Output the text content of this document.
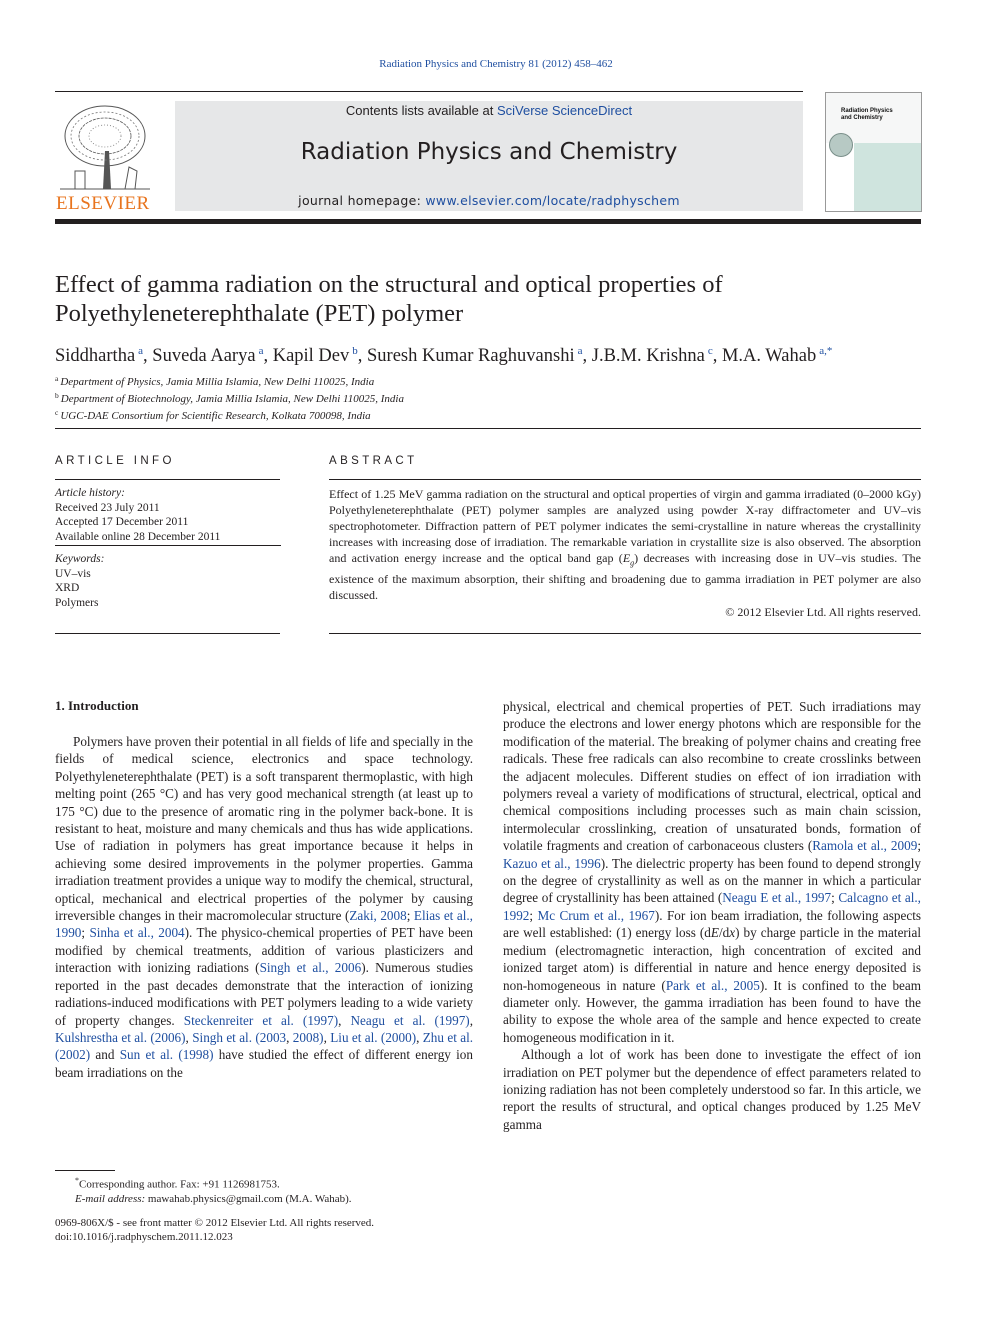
Radiation Physics and Chemistry 81 (2012) 458–462
ELSEVIER
Contents lists available at SciVerse ScienceDirect
Radiation Physics and Chemistry
journal homepage: www.elsevier.com/locate/radphyschem
Radiation Physics and Chemistry
Effect of gamma radiation on the structural and optical properties of Polyethyleneterephthalate (PET) polymer
Siddhartha $^a$, Suveda Aarya $^a$, Kapil Dev $^b$, Suresh Kumar Raghuvanshi $^a$, J.B.M. Krishna $^c$, M.A. Wahab $^{a,*}$
$^a$ Department of Physics, Jamia Millia Islamia, New Delhi 110025, India
$^b$ Department of Biotechnology, Jamia Millia Islamia, New Delhi 110025, India
$^c$ UGC-DAE Consortium for Scientific Research, Kolkata 700098, India
ARTICLE INFO	ABSTRACT
Article history:
Received 23 July 2011
Accepted 17 December 2011
Available online 28 December 2011
Keywords:
UV–vis
XRD
Polymers
Effect of 1.25 MeV gamma radiation on the structural and optical properties of virgin and gamma irradiated (0–2000 kGy) Polyethyleneterephthalate (PET) polymer samples are analyzed using powder X-ray diffractometer and UV–vis spectrophotometer. Diffraction pattern of PET polymer indicates the semi-crystalline in nature whereas the crystallinity increases with increasing dose of irradiation. The remarkable variation in crystallite size is also observed. The absorption and activation energy increase and the optical band gap $(E_g)$ decreases with increasing dose in UV–vis studies. The existence of the maximum absorption, their shifting and broadening due to gamma irradiation in PET polymer are also discussed.
© 2012 Elsevier Ltd. All rights reserved.
1. Introduction

Polymers have proven their potential in all fields of life and specially in the fields of medical science, electronics and space technology. Polyethyleneterephthalate (PET) is a soft transparent thermoplastic, with high melting point (265 °C) and has very good mechanical strength (at least up to 175 °C) due to the presence of aromatic ring in the polymer back-bone. It is resistant to heat, moisture and many chemicals and thus has wide applications. Use of radiation in polymers has great importance because it helps in achieving some desired improvements in the polymer properties. Gamma irradiation treatment provides a unique way to modify the chemical, structural, optical, mechanical and electrical properties of the polymer by causing irreversible changes in their macromolecular structure (Zaki, 2008; Elias et al., 1990; Sinha et al., 2004). The physico-chemical properties of PET have been modified by chemical treatments, addition of various plasticizers and interaction with ionizing radiations (Singh et al., 2006). Numerous studies reported in the past decades demonstrate that the interaction of ionizing radiations-induced modifications with PET polymers leading to a wide variety of property changes. Steckenreiter et al. (1997), Neagu et al. (1997), Kulshrestha et al. (2006), Singh et al. (2003, 2008), Liu et al. (2000), Zhu et al. (2002) and Sun et al. (1998) have studied the effect of different energy ion beam irradiations on the

physical, electrical and chemical properties of PET. Such irradiations may produce the electrons and lower energy photons which are responsible for the modification of the material. The breaking of polymer chains and creating free radicals. These free radicals can also recombine to create crosslinks between the adjacent molecules. Different studies on effect of ion irradiation with polymers reveal a variety of modifications of structural, electrical, optical and chemical compositions including processes such as main chain scission, intermolecular crosslinking, creation of unsaturated bonds, formation of volatile fragments and creation of carbonaceous clusters (Ramola et al., 2009; Kazuo et al., 1996). The dielectric property has been found to depend strongly on the degree of crystallinity as well as on the manner in which a particular degree of crystallinity has been attained (Neagu E et al., 1997; Calcagno et al., 1992; Mc Crum et al., 1967). For ion beam irradiation, the following aspects are well established: (1) energy loss (dE/dx) by charge particle in the material medium (electromagnetic interaction, high concentration of excited and ionized target atom) is differential in nature and hence energy deposited is non-homogeneous in nature (Park et al., 2005). It is confined to the beam diameter only. However, the gamma irradiation has been found to have the ability to expose the whole area of the sample and hence expected to create homogeneous modification in it.

Although a lot of work has been done to investigate the effect of ion irradiation on PET polymer but the dependence of effect parameters related to ionizing radiation has not been completely understood so far. In this article, we report the results of structural, and optical changes produced by 1.25 MeV gamma

*Corresponding author. Fax: +91 1126981753.
E-mail address: mawahab.physics@gmail.com (M.A. Wahab).
0969-806X/$ - see front matter © 2012 Elsevier Ltd. All rights reserved.
doi:10.1016/j.radphyschem.2011.12.023
